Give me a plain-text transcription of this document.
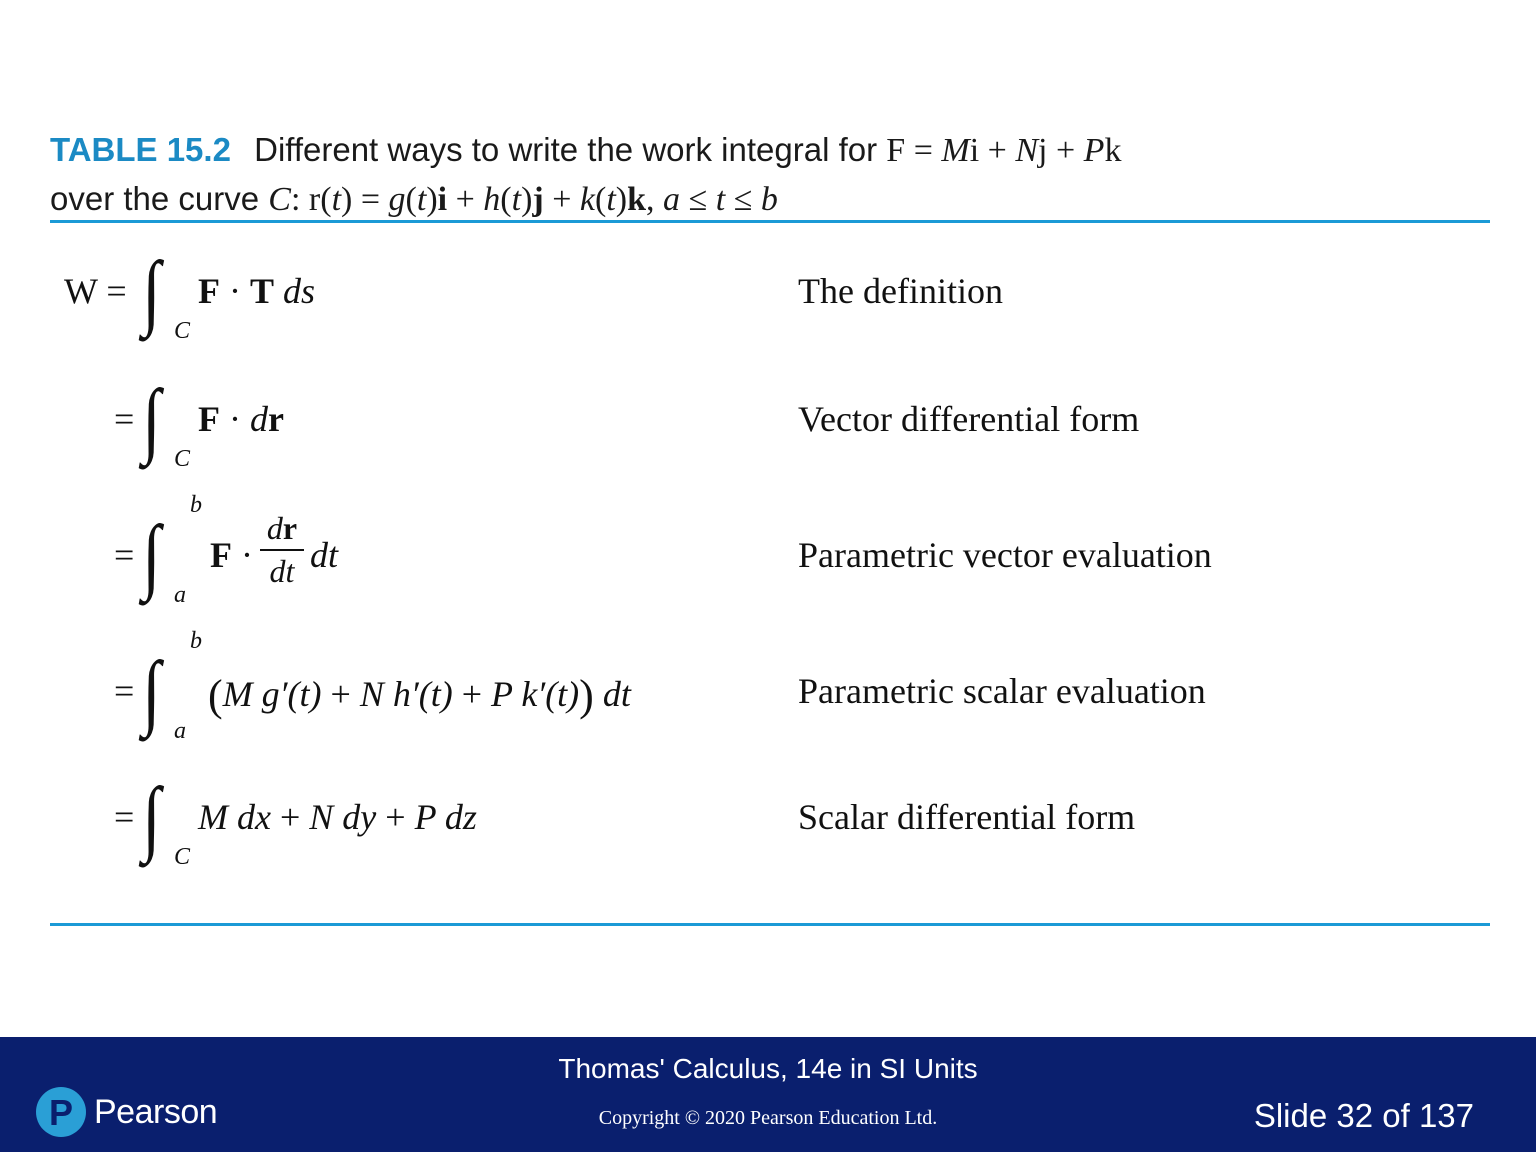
TABLE 15.2 Different ways to write the work integral for F = Mi + Nj + Pk
over the curve C: r(t) = g(t)i + h(t)j + k(t)k, a ≤ t ≤ b
W = ∫ C
F · T ds	The definition
= ∫ C
F · dr	Vector differential form
= ∫
b
a
F ·
dr
dt dt	Parametric vector evaluation
= ∫
b
a
(M g′(t) + N h′(t) + P k′(t)) dt	Parametric scalar evaluation
= ∫ C
M dx + N dy + P dz	Scalar differential form
P Pearson
Thomas' Calculus, 14e in SI Units
Copyright © 2020 Pearson Education Ltd.	Slide 32 of 137
